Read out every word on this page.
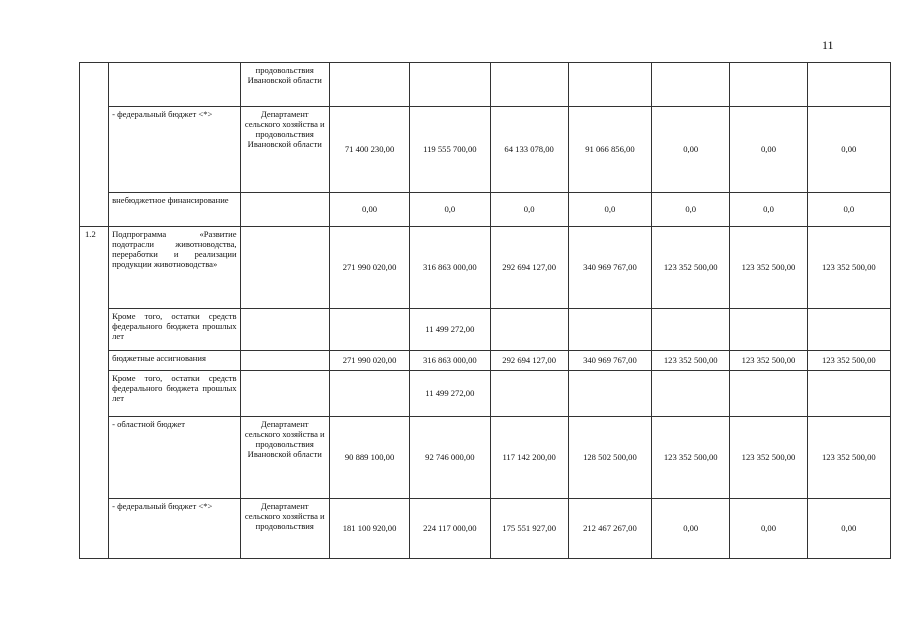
11
		продовольствия Ивановской области							
	- федеральный бюджет <*>	Департамент сельского хозяйства и продовольствия Ивановской области	71 400 230,00	119 555 700,00	64 133 078,00	91 066 856,00	0,00	0,00	0,00
	внебюджетное финансирование		0,00	0,0	0,0	0,0	0,0	0,0	0,0
1.2	Подпрограмма «Развитие подотрасли животноводства, переработки и реализации продукции животноводства»		271 990 020,00	316 863 000,00	292 694 127,00	340 969 767,00	123 352 500,00	123 352 500,00	123 352 500,00
	Кроме того, остатки средств федерального бюджета прошлых лет			11 499 272,00					
	бюджетные ассигнования		271 990 020,00	316 863 000,00	292 694 127,00	340 969 767,00	123 352 500,00	123 352 500,00	123 352 500,00
	Кроме того, остатки средств федерального бюджета прошлых лет			11 499 272,00					
	- областной бюджет	Департамент сельского хозяйства и продовольствия Ивановской области	90 889 100,00	92 746 000,00	117 142 200,00	128 502 500,00	123 352 500,00	123 352 500,00	123 352 500,00
	- федеральный бюджет <*>	Департамент сельского хозяйства и продовольствия	181 100 920,00	224 117 000,00	175 551 927,00	212 467 267,00	0,00	0,00	0,00
